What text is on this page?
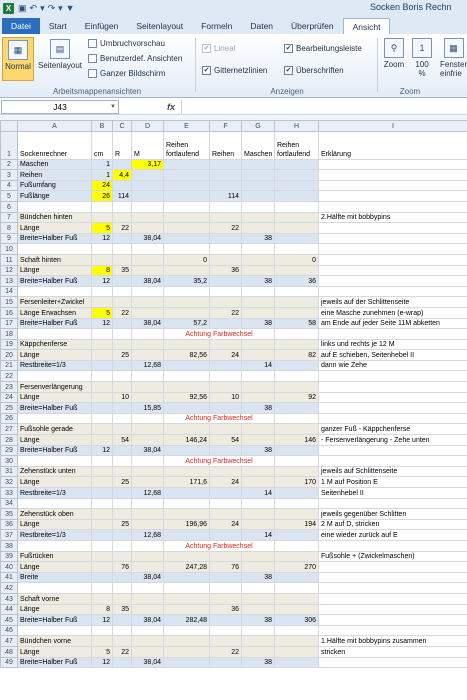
X ▣ ↶ ▾ ↷ ▾ ▼	Socken Boris Rechn
Datei	Start	Einfügen	Seitenlayout	Formeln	Daten	Überprüfen	Ansicht
▦
Normal
▤
Seitenlayout
Umbruchvorschau
Benutzerdef. Ansichten
Ganzer Bildschirm
Arbeitsmappenansichten
✔ Lineal	✔ Bearbeitungsleiste
✔ Gitternetzlinien	✔ Überschriften
Anzeigen
⚲
Zoom
1
100 %
▦
Fenster einfrie
Zoom
J43	▼	fx
	A	B	C	D	E	F	G	H	I
1	Sockenrechner	cm	R	M	Reihen fortlaufend	Reihen	Maschen	Reihen fortlaufend	Erklärung
2	Maschen	1		3,17					
3	Reihen	1	4,4						
4	Fußumfang	24							
5	Fußlänge	26	114			114			
6									
7	Bündchen hinten								2.Hälfte mit bobbypins
8	Länge	5	22			22			
9	Breite=Halber Fuß	12		38,04			38		
10									
11	Schaft hinten				0			0	
12	Länge	8	35			36			
13	Breite=Halber Fuß	12		38,04	35,2		38	36	
14									
15	Fersenleiter+Zwickel								jeweils auf der Schlittenseite
16	Länge Erwachsen	5	22			22			eine Masche zunehmen (e-wrap)
17	Breite=Halber Fuß	12		38,04	57,2		38	58	am Ende auf jeder Seite 11M abketten
18					Achtung Farbwechsel				
19	Käppchenferse								links und rechts je 12 M
20	Länge		25		82,56	24		82	auf E schieben, Seitenhebel II
21	Restbreite=1/3			12,68			14		dann wie Zehe
22									
23	Fersenverlängerung								
24	Länge		10		92,56	10		92	
25	Breite=Halber Fuß			15,85			38		
26					Achtung Farbwechsel				
27	Fußsohle gerade								ganzer Fuß - Käppchenferse
28	Länge		54		146,24	54		146	- Fersenverlängerung - Zehe unten
29	Breite=Halber Fuß	12		38,04			38		
30					Achtung Farbwechsel				
31	Zehenstück unten								jeweils auf Schlittenseite
32	Länge		25		171,6	24		170	1 M auf Position E
33	Restbreite=1/3			12,68			14		Seitenhebel II
34									
35	Zehenstück oben								jeweils gegenüber Schlitten
36	Länge		25		196,96	24		194	2 M auf D, stricken
37	Restbreite=1/3			12,68			14		eine wieder zurück auf E
38					Achtung Farbwechsel				
39	Fußrücken								Fußsohle + (Zwickelmaschen)
40	Länge		76		247,28	76		270	
41	Breite			38,04			38		
42									
43	Schaft vorne								
44	Länge	8	35			36			
45	Breite=Halber Fuß	12		38,04	282,48		38	306	
46									
47	Bündchen vorne								1.Hälfte mit bobbypins zusammen
48	Länge	5	22			22			stricken
49	Breite=Halber Fuß	12		38,04			38		
